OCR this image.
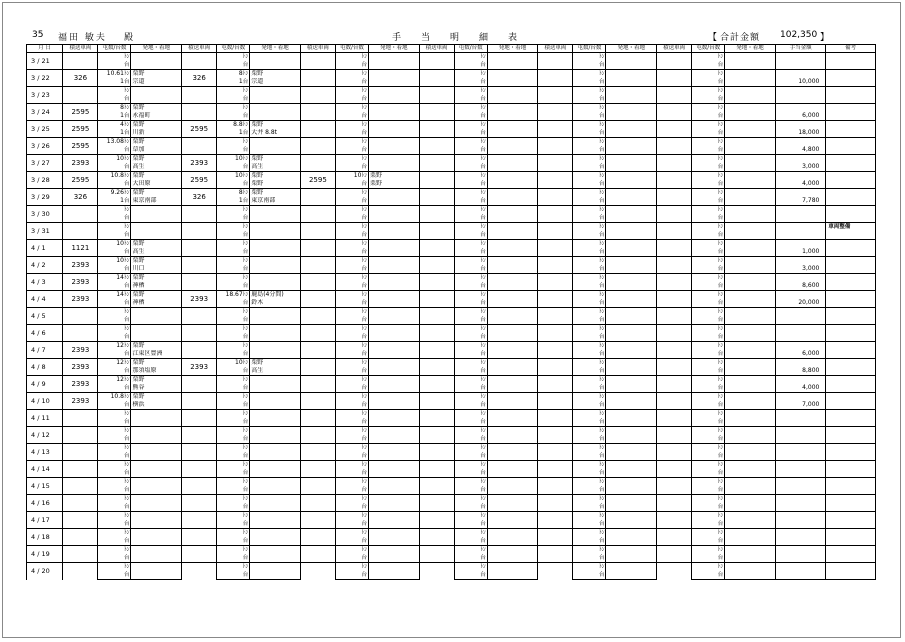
35 福田 敏夫 殿	手当明細表	【 合計金額 102,350 】
月 日	積送車両	屯数/台数	発地・着地	積送車両	屯数/台数	発地・着地	積送車両	屯数/台数	発地・着地	積送車両	屯数/台数	発地・着地	積送車両	屯数/台数	発地・着地	積送車両	屯数/台数	発地・着地	手当金額	備考
3 / 21		ﾄﾝ			ﾄﾝ			ﾄﾝ			ﾄﾝ			ﾄﾝ			ﾄﾝ			
		台			台			台			台			台			台			
3 / 22	326	10.61ﾄﾝ	栗野	326	8ﾄﾝ	栗野		ﾄﾝ			ﾄﾝ			ﾄﾝ			ﾄﾝ			
		1台	宗道		1台	宗道		台			台			台			台		10,000	
3 / 23		ﾄﾝ			ﾄﾝ			ﾄﾝ			ﾄﾝ			ﾄﾝ			ﾄﾝ			
		台			台			台			台			台			台			
3 / 24	2595	8ﾄﾝ	栗野		ﾄﾝ			ﾄﾝ			ﾄﾝ			ﾄﾝ			ﾄﾝ			
		1台	永福町		台			台			台			台			台		6,000	
3 / 25	2595	4ﾄﾝ	栗野	2595	8.8ﾄﾝ	栗野		ﾄﾝ			ﾄﾝ			ﾄﾝ			ﾄﾝ			
		1台	川新		1台	大井 8.8t		台			台			台			台		18,000	
3 / 26	2595	13.08ﾄﾝ	栗野		ﾄﾝ			ﾄﾝ			ﾄﾝ			ﾄﾝ			ﾄﾝ			
		台	草加		台			台			台			台			台		4,800	
3 / 27	2393	10ﾄﾝ	栗野	2393	10ﾄﾝ	栗野		ﾄﾝ			ﾄﾝ			ﾄﾝ			ﾄﾝ			
		台	高生		台	高生		台			台			台			台		3,000	
3 / 28	2595	10.8ﾄﾝ	栗野	2595	10ﾄﾝ	栗野	2595	10ﾄﾝ	栗野		ﾄﾝ			ﾄﾝ			ﾄﾝ			
		台	大田原		台	栗野		台	栗野		台			台			台		4,000	
3 / 29	326	9.26ﾄﾝ	栗野	326	8ﾄﾝ	栗野		ﾄﾝ			ﾄﾝ			ﾄﾝ			ﾄﾝ			
		1台	東京南部		1台	東京南部		台			台			台			台		7,780	
3 / 30		ﾄﾝ			ﾄﾝ			ﾄﾝ			ﾄﾝ			ﾄﾝ			ﾄﾝ			
		台			台			台			台			台			台			
3 / 31		ﾄﾝ			ﾄﾝ			ﾄﾝ			ﾄﾝ			ﾄﾝ			ﾄﾝ			車両整備
		台			台			台			台			台			台			
4 / 1	1121	10ﾄﾝ	栗野		ﾄﾝ			ﾄﾝ			ﾄﾝ			ﾄﾝ			ﾄﾝ			
		台	高生		台			台			台			台			台		1,000	
4 / 2	2393	10ﾄﾝ	栗野		ﾄﾝ			ﾄﾝ			ﾄﾝ			ﾄﾝ			ﾄﾝ			
		台	川口		台			台			台			台			台		3,000	
4 / 3	2393	14ﾄﾝ	栗野		ﾄﾝ			ﾄﾝ			ﾄﾝ			ﾄﾝ			ﾄﾝ			
		台	神栖		台			台			台			台			台		8,600	
4 / 4	2393	14ﾄﾝ	栗野	2393	18.67ﾄﾝ	鹿島(4分間)		ﾄﾝ			ﾄﾝ			ﾄﾝ			ﾄﾝ			
		台	神栖		台	鈴木		台			台			台			台		20,000	
4 / 5		ﾄﾝ			ﾄﾝ			ﾄﾝ			ﾄﾝ			ﾄﾝ			ﾄﾝ			
		台			台			台			台			台			台			
4 / 6		ﾄﾝ			ﾄﾝ			ﾄﾝ			ﾄﾝ			ﾄﾝ			ﾄﾝ			
		台			台			台			台			台			台			
4 / 7	2393	12ﾄﾝ	栗野		ﾄﾝ			ﾄﾝ			ﾄﾝ			ﾄﾝ			ﾄﾝ			
		台	江東区豊洲		台			台			台			台			台		6,000	
4 / 8	2393	12ﾄﾝ	栗野	2393	10ﾄﾝ	栗野		ﾄﾝ			ﾄﾝ			ﾄﾝ			ﾄﾝ			
		台	那須塩原		台	高生		台			台			台			台		8,800	
4 / 9	2393	12ﾄﾝ	栗野		ﾄﾝ			ﾄﾝ			ﾄﾝ			ﾄﾝ			ﾄﾝ			
		台	熊谷		台			台			台			台			台		4,000	
4 / 10	2393	10.8ﾄﾝ	栗野		ﾄﾝ			ﾄﾝ			ﾄﾝ			ﾄﾝ			ﾄﾝ			
		台	横浜		台			台			台			台			台		7,000	
4 / 11		ﾄﾝ			ﾄﾝ			ﾄﾝ			ﾄﾝ			ﾄﾝ			ﾄﾝ			
		台			台			台			台			台			台			
4 / 12		ﾄﾝ			ﾄﾝ			ﾄﾝ			ﾄﾝ			ﾄﾝ			ﾄﾝ			
		台			台			台			台			台			台			
4 / 13		ﾄﾝ			ﾄﾝ			ﾄﾝ			ﾄﾝ			ﾄﾝ			ﾄﾝ			
		台			台			台			台			台			台			
4 / 14		ﾄﾝ			ﾄﾝ			ﾄﾝ			ﾄﾝ			ﾄﾝ			ﾄﾝ			
		台			台			台			台			台			台			
4 / 15		ﾄﾝ			ﾄﾝ			ﾄﾝ			ﾄﾝ			ﾄﾝ			ﾄﾝ			
		台			台			台			台			台			台			
4 / 16		ﾄﾝ			ﾄﾝ			ﾄﾝ			ﾄﾝ			ﾄﾝ			ﾄﾝ			
		台			台			台			台			台			台			
4 / 17		ﾄﾝ			ﾄﾝ			ﾄﾝ			ﾄﾝ			ﾄﾝ			ﾄﾝ			
		台			台			台			台			台			台			
4 / 18		ﾄﾝ			ﾄﾝ			ﾄﾝ			ﾄﾝ			ﾄﾝ			ﾄﾝ			
		台			台			台			台			台			台			
4 / 19		ﾄﾝ			ﾄﾝ			ﾄﾝ			ﾄﾝ			ﾄﾝ			ﾄﾝ			
		台			台			台			台			台			台			
4 / 20		ﾄﾝ			ﾄﾝ			ﾄﾝ			ﾄﾝ			ﾄﾝ			ﾄﾝ			
		台			台			台			台			台			台			
